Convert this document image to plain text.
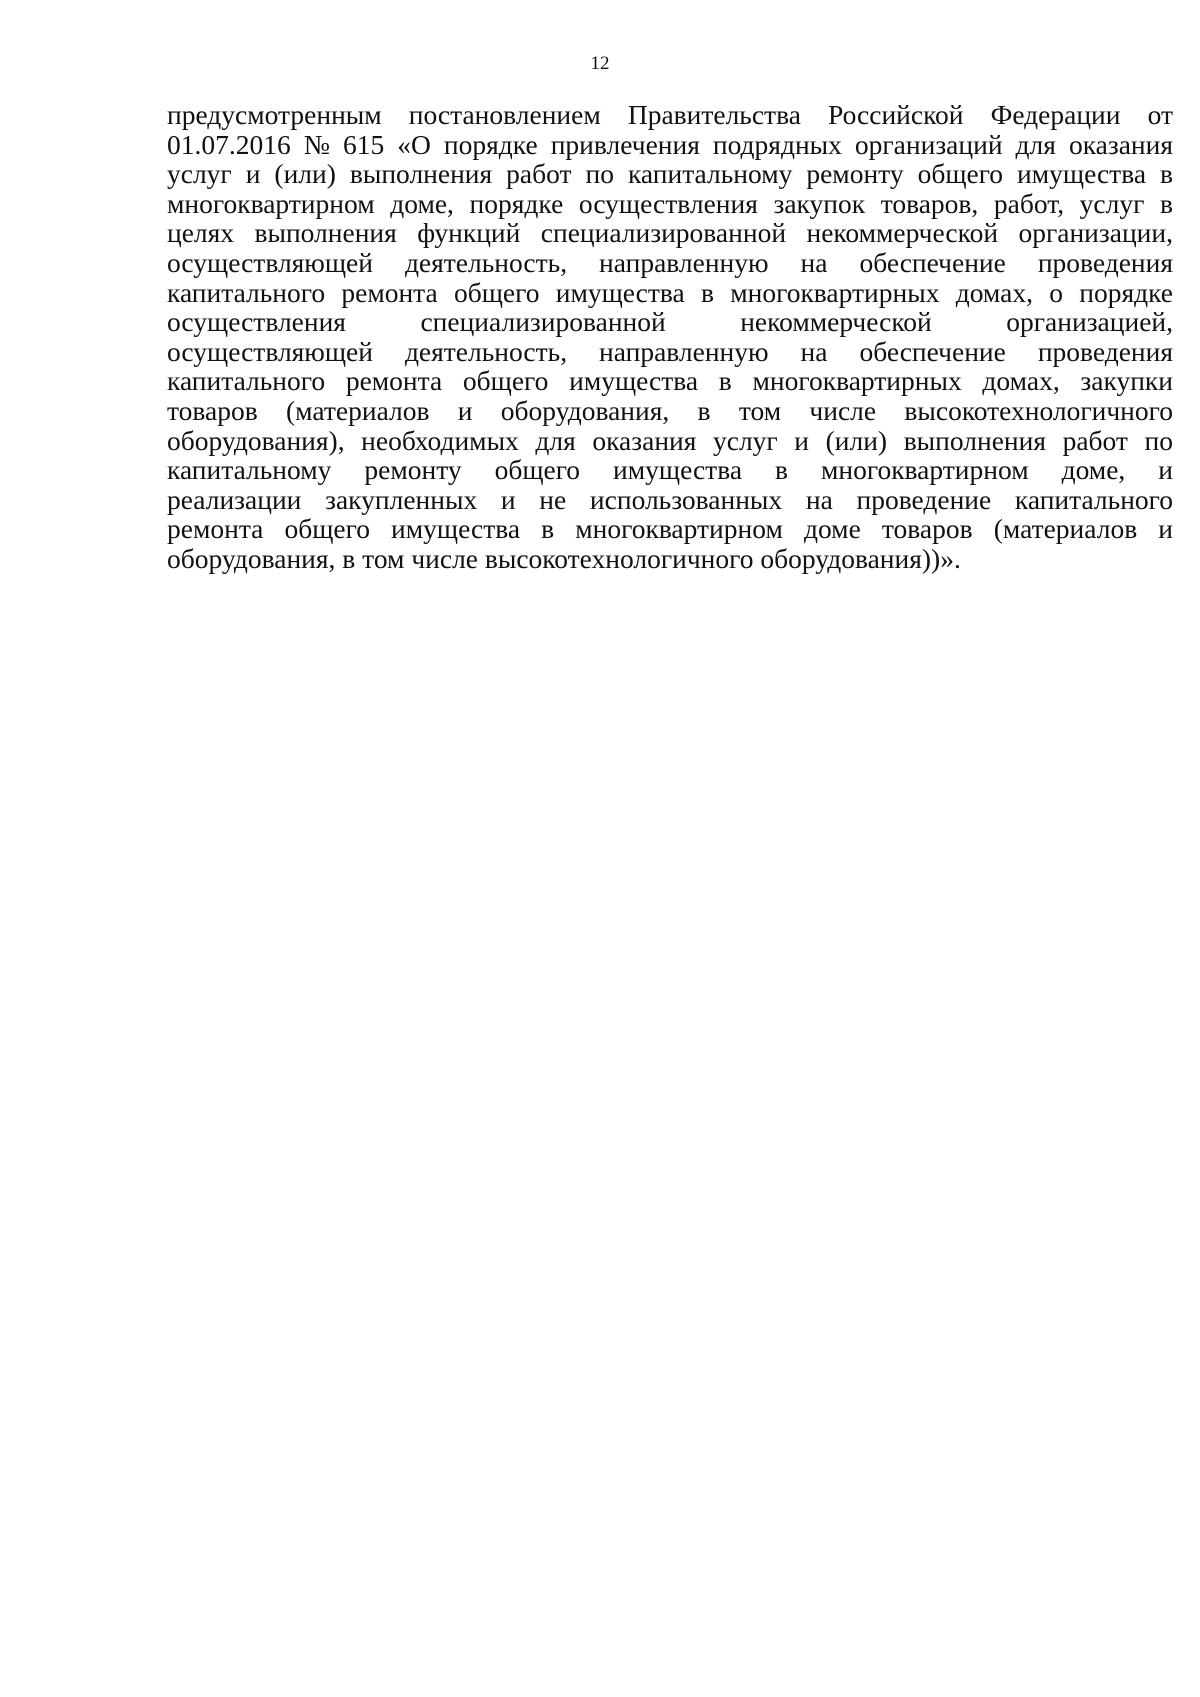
12
предусмотренным постановлением Правительства Российской Федерации от
01.07.2016 № 615 «О порядке привлечения подрядных организаций для оказания
услуг и (или) выполнения работ по капитальному ремонту общего имущества в
многоквартирном доме, порядке осуществления закупок товаров, работ, услуг в
целях выполнения функций специализированной некоммерческой организации,
осуществляющей деятельность, направленную на обеспечение проведения
капитального ремонта общего имущества в многоквартирных домах, о порядке
осуществления специализированной некоммерческой организацией,
осуществляющей деятельность, направленную на обеспечение проведения
капитального ремонта общего имущества в многоквартирных домах, закупки
товаров (материалов и оборудования, в том числе высокотехнологичного
оборудования), необходимых для оказания услуг и (или) выполнения работ по
капитальному ремонту общего имущества в многоквартирном доме, и
реализации закупленных и не использованных на проведение капитального
ремонта общего имущества в многоквартирном доме товаров (материалов и
оборудования, в том числе высокотехнологичного оборудования))».
